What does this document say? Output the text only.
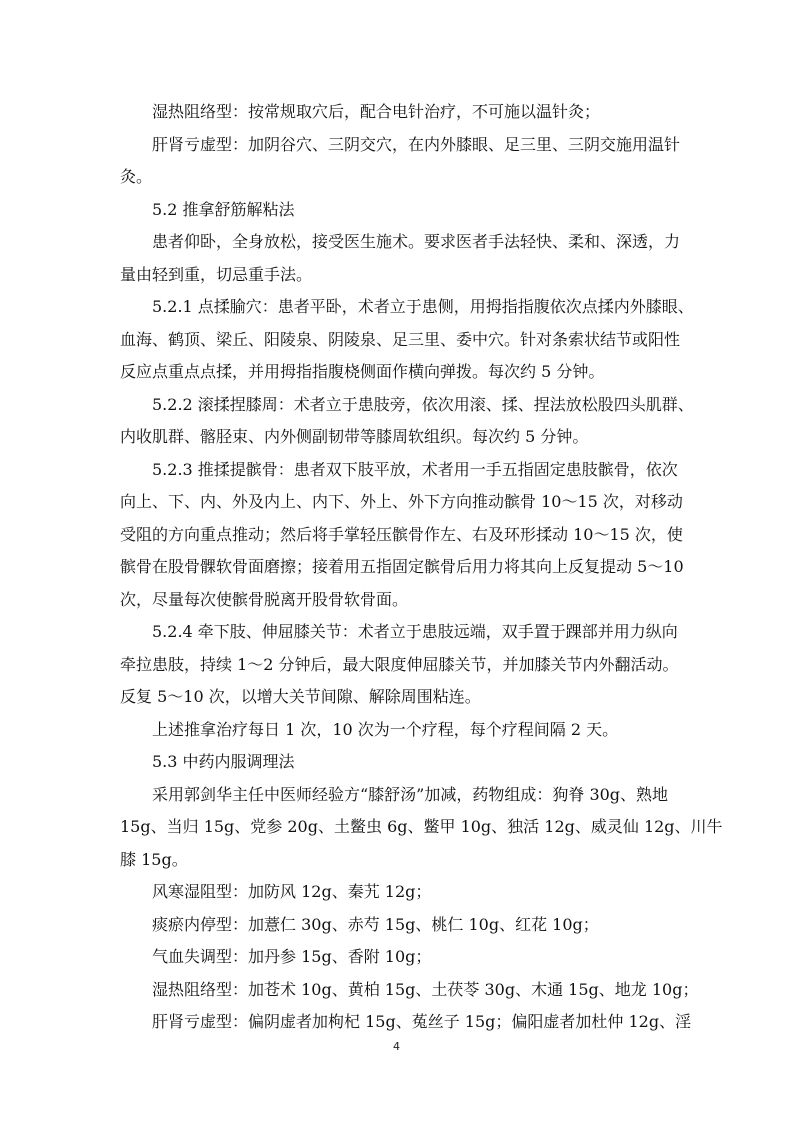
湿热阻络型：按常规取穴后，配合电针治疗，不可施以温针灸；

肝肾亏虚型：加阴谷穴、三阴交穴，在内外膝眼、足三里、三阴交施用温针
灸。

5.2 推拿舒筋解粘法

患者仰卧，全身放松，接受医生施术。要求医者手法轻快、柔和、深透，力
量由轻到重，切忌重手法。

5.2.1 点揉腧穴：患者平卧，术者立于患侧，用拇指指腹依次点揉内外膝眼、
血海、鹤顶、梁丘、阳陵泉、阴陵泉、足三里、委中穴。针对条索状结节或阳性
反应点重点点揉，并用拇指指腹桡侧面作横向弹拨。每次约 5 分钟。

5.2.2 滚揉捏膝周：术者立于患肢旁，依次用滚、揉、捏法放松股四头肌群、
内收肌群、髂胫束、内外侧副韧带等膝周软组织。每次约 5 分钟。

5.2.3 推揉提髌骨：患者双下肢平放，术者用一手五指固定患肢髌骨，依次
向上、下、内、外及内上、内下、外上、外下方向推动髌骨 10～15 次，对移动
受阻的方向重点推动；然后将手掌轻压髌骨作左、右及环形揉动 10～15 次，使
髌骨在股骨髁软骨面磨擦；接着用五指固定髌骨后用力将其向上反复提动 5～10
次，尽量每次使髌骨脱离开股骨软骨面。

5.2.4 牵下肢、伸屈膝关节：术者立于患肢远端，双手置于踝部并用力纵向
牵拉患肢，持续 1～2 分钟后，最大限度伸屈膝关节，并加膝关节内外翻活动。
反复 5～10 次，以增大关节间隙、解除周围粘连。

上述推拿治疗每日 1 次，10 次为一个疗程，每个疗程间隔 2 天。

5.3 中药内服调理法

采用郭剑华主任中医师经验方“膝舒汤”加减，药物组成：狗脊 30g、熟地
15g、当归 15g、党参 20g、土鳖虫 6g、鳖甲 10g、独活 12g、威灵仙 12g、川牛
膝 15g。

风寒湿阻型：加防风 12g、秦艽 12g；

痰瘀内停型：加薏仁 30g、赤芍 15g、桃仁 10g、红花 10g；

气血失调型：加丹参 15g、香附 10g；

湿热阻络型：加苍术 10g、黄柏 15g、土茯苓 30g、木通 15g、地龙 10g；

肝肾亏虚型：偏阴虚者加枸杞 15g、菟丝子 15g；偏阳虚者加杜仲 12g、淫

4
